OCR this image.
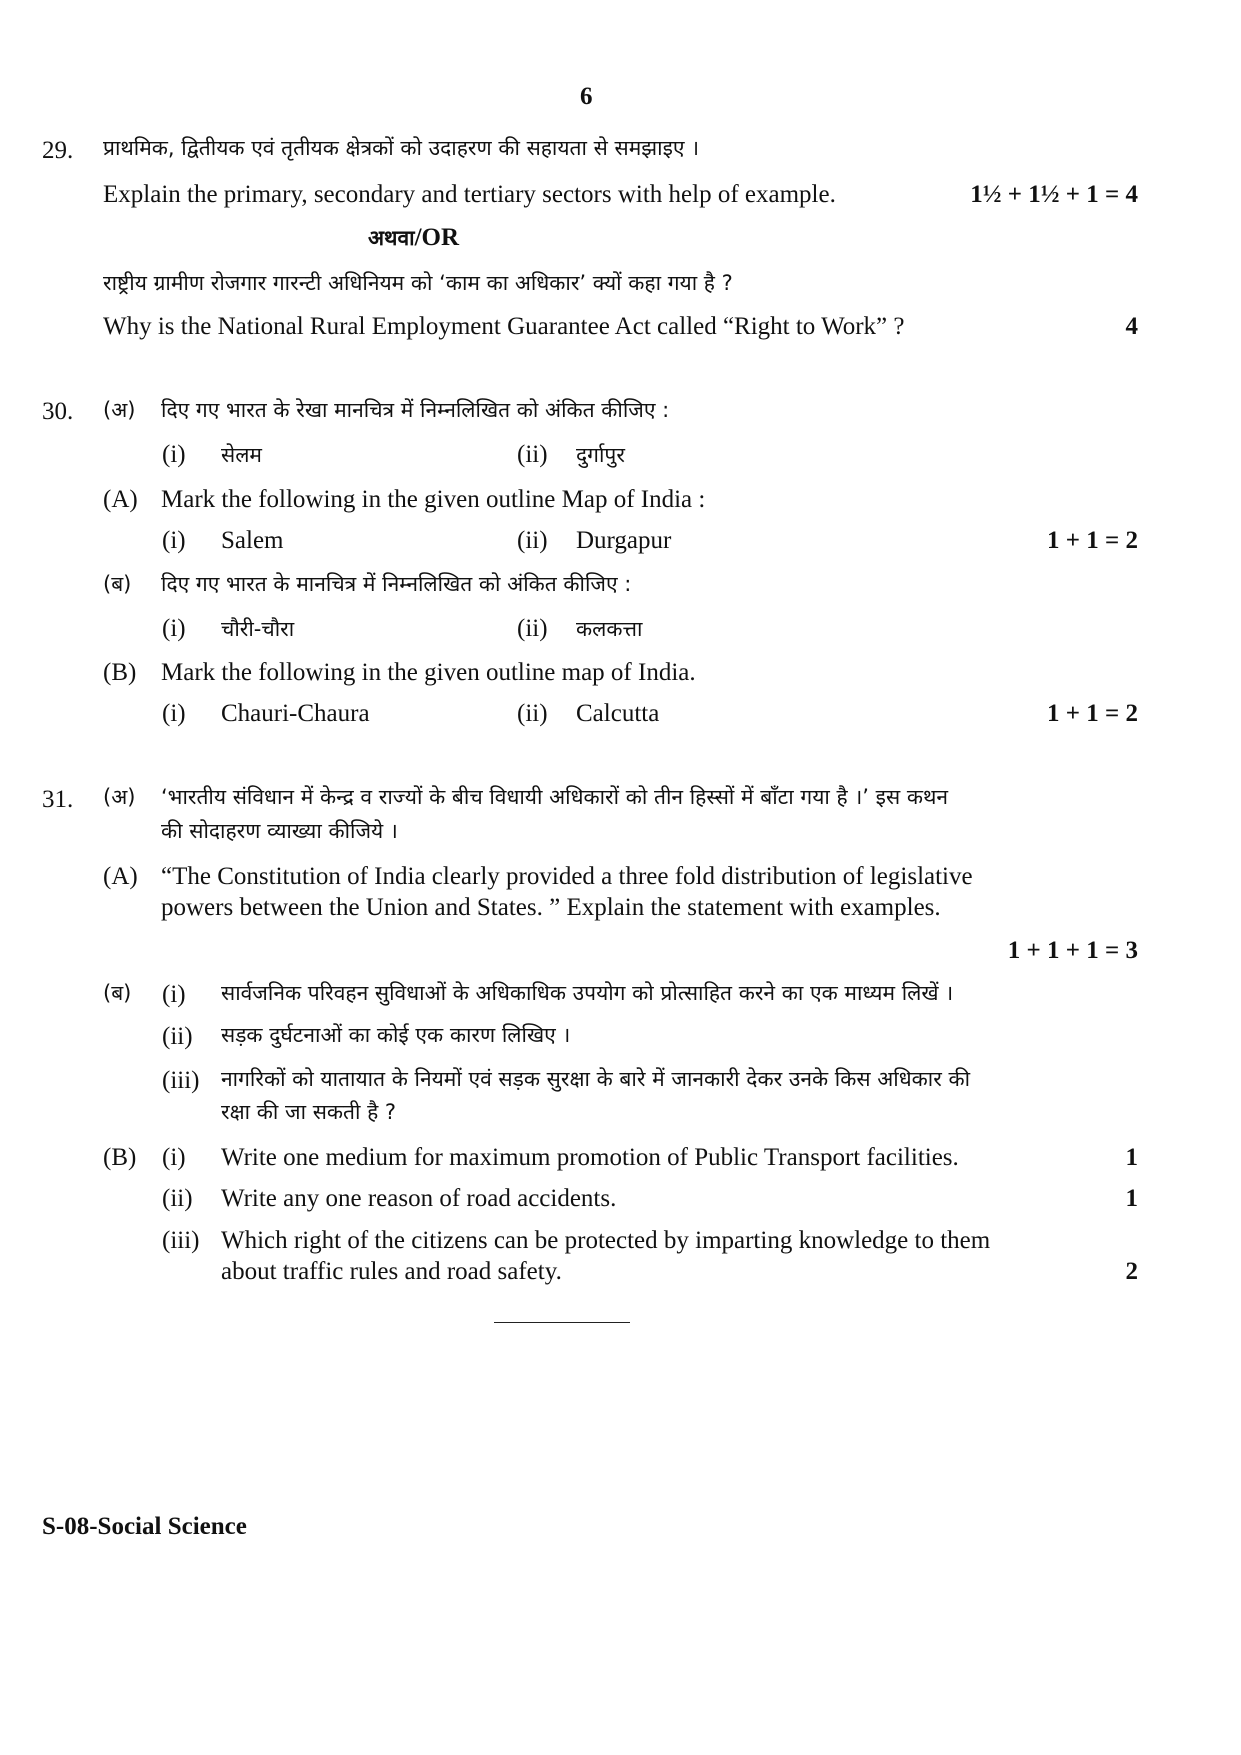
6
29. प्राथमिक, द्वितीयक एवं तृतीयक क्षेत्रकों को उदाहरण की सहायता से समझाइए ।
Explain the primary, secondary and tertiary sectors with help of example.	1½ + 1½ + 1 = 4
अथवा/OR
राष्ट्रीय ग्रामीण रोजगार गारन्टी अधिनियम को ‘काम का अधिकार’ क्यों कहा गया है ?
Why is the National Rural Employment Guarantee Act called “Right to Work” ?	4
30. (अ) दिए गए भारत के रेखा मानचित्र में निम्नलिखित को अंकित कीजिए :
(i) सेलम	(ii) दुर्गापुर
(A) Mark the following in the given outline Map of India :
(i) Salem	(ii) Durgapur	1 + 1 = 2
(ब) दिए गए भारत के मानचित्र में निम्नलिखित को अंकित कीजिए :
(i) चौरी-चौरा	(ii) कलकत्ता
(B) Mark the following in the given outline map of India.
(i) Chauri-Chaura	(ii) Calcutta	1 + 1 = 2
31. (अ) ‘भारतीय संविधान में केन्द्र व राज्यों के बीच विधायी अधिकारों को तीन हिस्सों में बाँटा गया है ।’ इस कथन
की सोदाहरण व्याख्या कीजिये ।
(A) “The Constitution of India clearly provided a three fold distribution of legislative
powers between the Union and States. ” Explain the statement with examples.
1 + 1 + 1 = 3
(ब) (i) सार्वजनिक परिवहन सुविधाओं के अधिकाधिक उपयोग को प्रोत्साहित करने का एक माध्यम लिखें ।
(ii) सड़क दुर्घटनाओं का कोई एक कारण लिखिए ।
(iii) नागरिकों को यातायात के नियमों एवं सड़क सुरक्षा के बारे में जानकारी देकर उनके किस अधिकार की
रक्षा की जा सकती है ?
(B) (i) Write one medium for maximum promotion of Public Transport facilities.	1
(ii) Write any one reason of road accidents.	1
(iii) Which right of the citizens can be protected by imparting knowledge to them
about traffic rules and road safety.	2
S-08-Social Science
